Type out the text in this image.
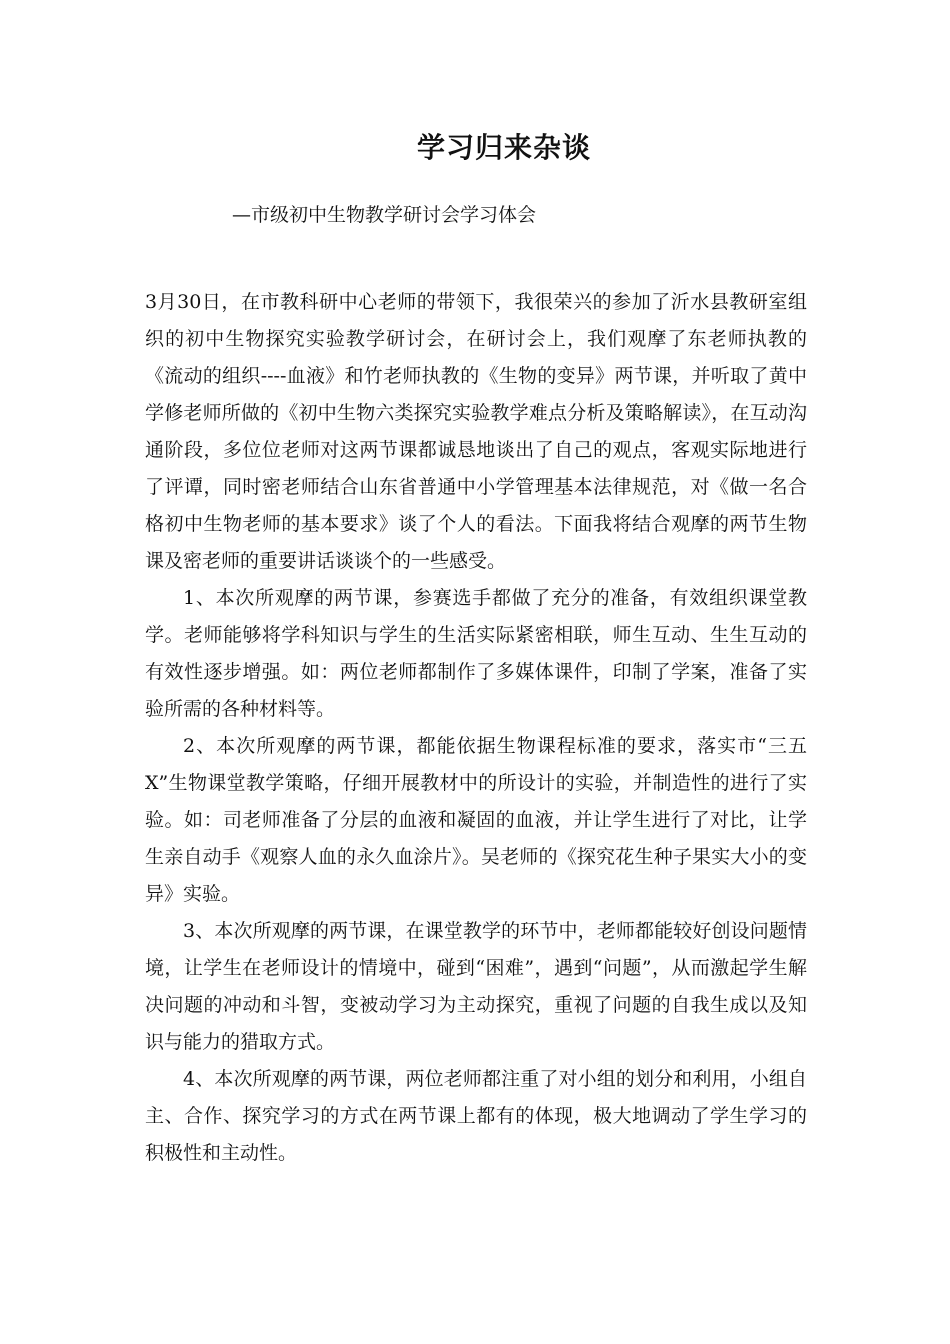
学习归来杂谈
—市级初中生物教学研讨会学习体会

3月30日，在市教科研中心老师的带领下，我很荣兴的参加了沂水县教研室组织的初中生物探究实验教学研讨会，在研讨会上，我们观摩了东老师执教的《流动的组织----血液》和竹老师执教的《生物的变异》两节课，并听取了黄中学修老师所做的《初中生物六类探究实验教学难点分析及策略解读》，在互动沟通阶段，多位位老师对这两节课都诚恳地谈出了自己的观点，客观实际地进行了评谭，同时密老师结合山东省普通中小学管理基本法律规范，对《做一名合格初中生物老师的基本要求》谈了个人的看法。下面我将结合观摩的两节生物课及密老师的重要讲话谈谈个的一些感受。

1、本次所观摩的两节课，参赛选手都做了充分的准备，有效组织课堂教学。老师能够将学科知识与学生的生活实际紧密相联，师生互动、生生互动的有效性逐步增强。如：两位老师都制作了多媒体课件，印制了学案，准备了实验所需的各种材料等。

2、本次所观摩的两节课，都能依据生物课程标准的要求，落实市“三五X”生物课堂教学策略，仔细开展教材中的所设计的实验，并制造性的进行了实验。如：司老师准备了分层的血液和凝固的血液，并让学生进行了对比，让学生亲自动手《观察人血的永久血涂片》。吴老师的《探究花生种子果实大小的变异》实验。

3、本次所观摩的两节课，在课堂教学的环节中，老师都能较好创设问题情境，让学生在老师设计的情境中，碰到“困难”，遇到“问题”，从而激起学生解决问题的冲动和斗智，变被动学习为主动探究，重视了问题的自我生成以及知识与能力的猎取方式。

4、本次所观摩的两节课，两位老师都注重了对小组的划分和利用，小组自主、合作、探究学习的方式在两节课上都有的体现，极大地调动了学生学习的积极性和主动性。
